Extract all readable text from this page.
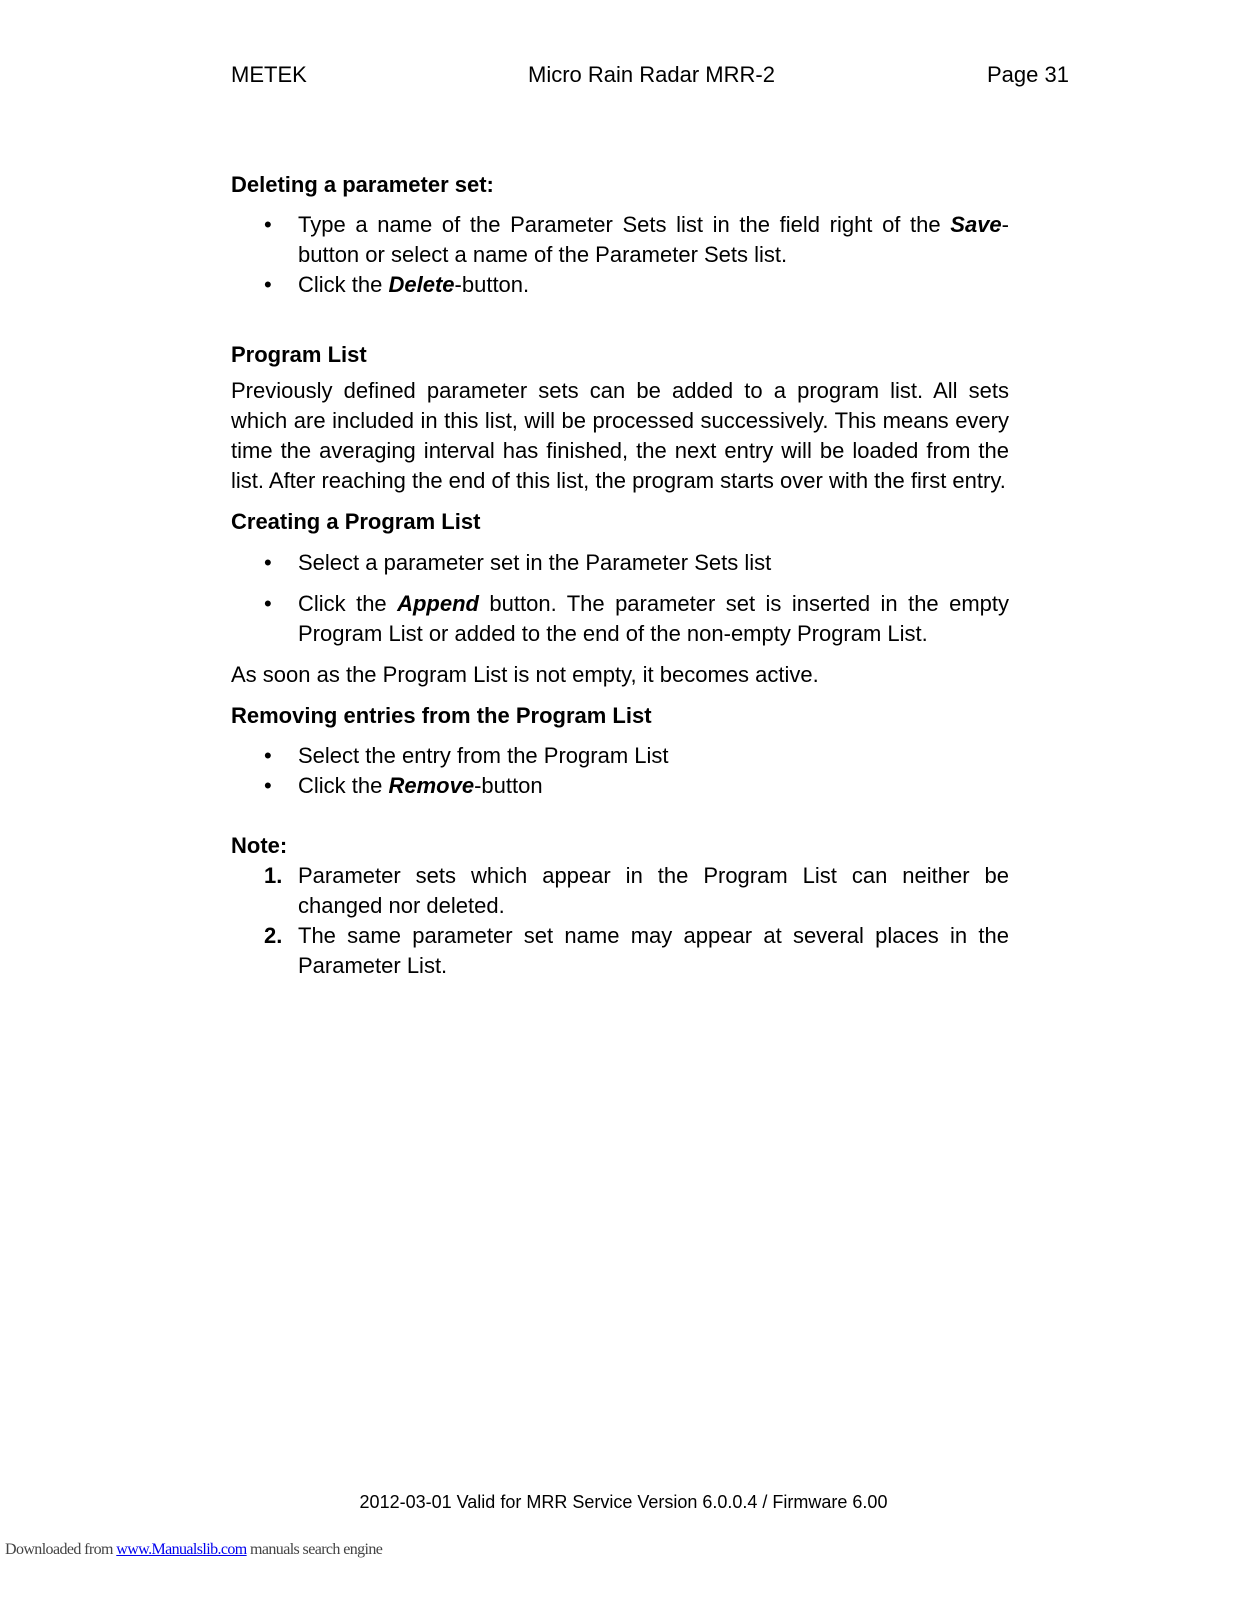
METEK	Micro Rain Radar MRR-2	Page 31

Deleting a parameter set:

• Type a name of the Parameter Sets list in the field right of the Save-button or select a name of the Parameter Sets list.
• Click the Delete-button.

Program List

Previously defined parameter sets can be added to a program list. All sets which are included in this list, will be processed successively. This means every time the averaging interval has finished, the next entry will be loaded from the list. After reaching the end of this list, the program starts over with the first entry.

Creating a Program List

• Select a parameter set in the Parameter Sets list
• Click the Append button. The parameter set is inserted in the empty Program List or added to the end of the non-empty Program List.

As soon as the Program List is not empty, it becomes active.

Removing entries from the Program List

• Select the entry from the Program List
• Click the Remove-button

Note:

1. Parameter sets which appear in the Program List can neither be changed nor deleted.
2. The same parameter set name may appear at several places in the Parameter List.
2012-03-01 Valid for MRR Service Version 6.0.0.4 / Firmware 6.00
Downloaded from www.Manualslib.com manuals search engine
